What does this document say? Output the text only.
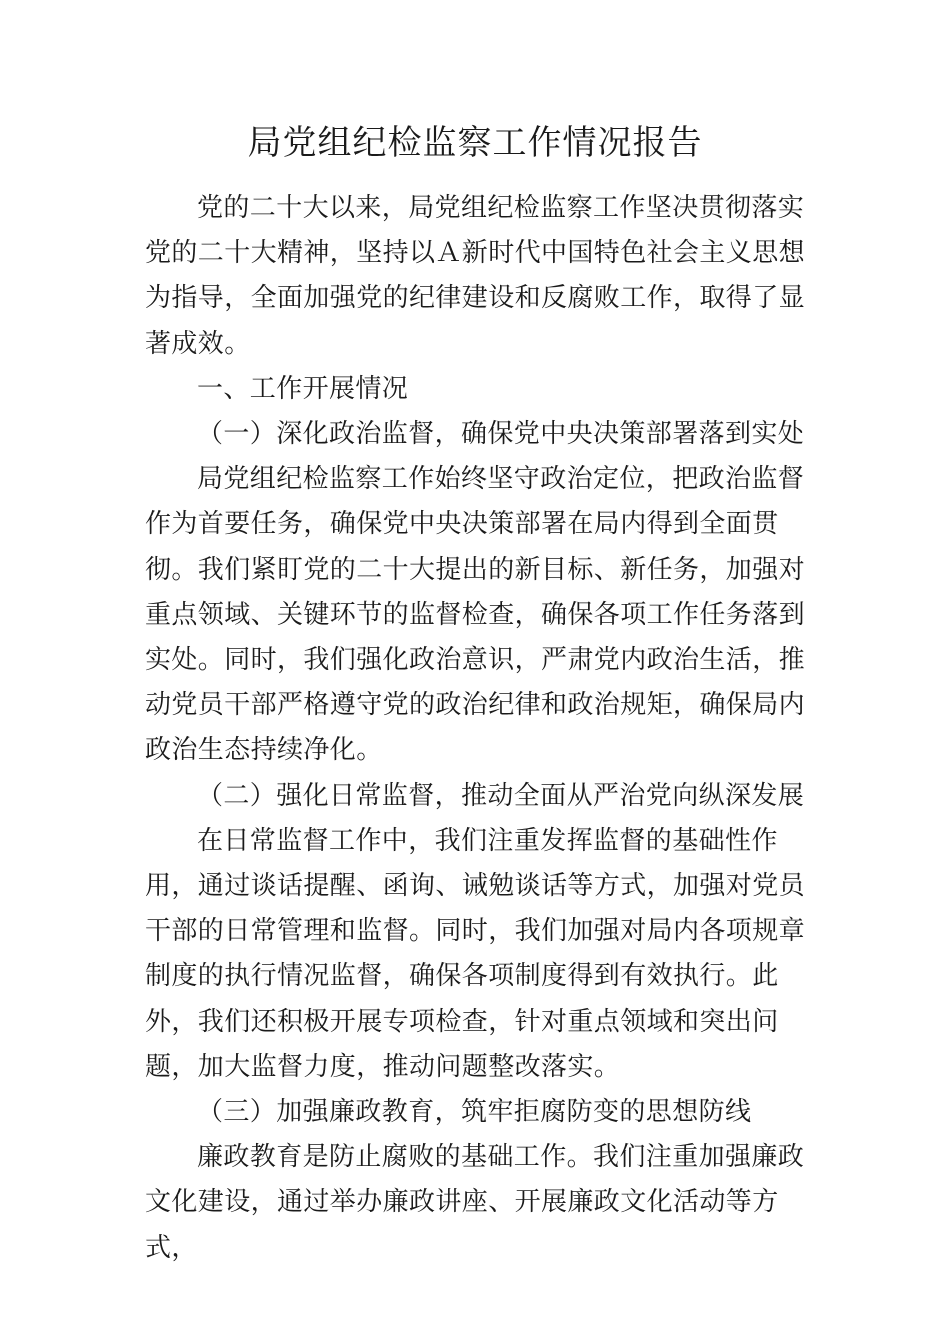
局党组纪检监察工作情况报告

党的二十大以来，局党组纪检监察工作坚决贯彻落实党的二十大精神，坚持以Ａ新时代中国特色社会主义思想为指导，全面加强党的纪律建设和反腐败工作，取得了显著成效。

一、工作开展情况

（一）深化政治监督，确保党中央决策部署落到实处

局党组纪检监察工作始终坚守政治定位，把政治监督作为首要任务，确保党中央决策部署在局内得到全面贯彻。我们紧盯党的二十大提出的新目标、新任务，加强对重点领域、关键环节的监督检查，确保各项工作任务落到实处。同时，我们强化政治意识，严肃党内政治生活，推动党员干部严格遵守党的政治纪律和政治规矩，确保局内政治生态持续净化。

（二）强化日常监督，推动全面从严治党向纵深发展

在日常监督工作中，我们注重发挥监督的基础性作用，通过谈话提醒、函询、诫勉谈话等方式，加强对党员干部的日常管理和监督。同时，我们加强对局内各项规章制度的执行情况监督，确保各项制度得到有效执行。此外，我们还积极开展专项检查，针对重点领域和突出问题，加大监督力度，推动问题整改落实。

（三）加强廉政教育，筑牢拒腐防变的思想防线

廉政教育是防止腐败的基础工作。我们注重加强廉政文化建设，通过举办廉政讲座、开展廉政文化活动等方式，
